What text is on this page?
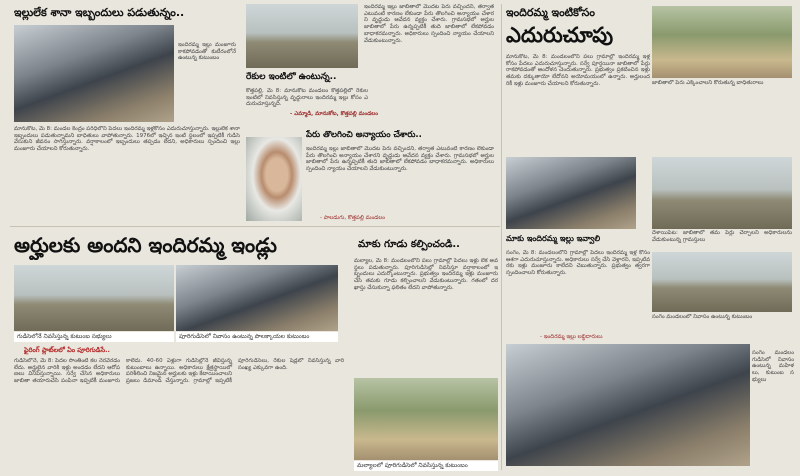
ఇల్లులేక శానా ఇబ్బందులు పడుతున్నం..
ఇందిరమ్మ ఇల్లు మంజూరు కాకపోవడంతో కుటీరంలోనే ఉంటున్న కుటుంబం
మానుకోట, మే 8: మండల కేంద్రం పరిధిలోని పేదలు ఇందిరమ్మ ఇళ్లకోసం ఎదురుచూస్తున్నారు. ఇల్లులేక శానా ఇబ్బందులు పడుతున్నామని బాధితులు వాపోతున్నారు. 1976లో ఇచ్చిన ఇంటి స్థలంలో ఇప్పటికీ గుడిసె వేసుకుని జీవనం సాగిస్తున్నారు. వర్షాకాలంలో ఇబ్బందులు తప్పడం లేదని, అధికారులు స్పందించి ఇల్లు మంజూరు చేయాలని కోరుతున్నారు.
రేకుల ఇంటిలో ఉంటున్న..
కొత్తపల్లి, మే 8: మానుకోట మండలం కొత్తపల్లిలో రేకుల ఇంటిలో నివసిస్తున్న వృద్ధురాలు ఇందిరమ్మ ఇల్లు కోసం ఎదురుచూస్తున్నది.
- ఎమ్మాడి, మానుకోట, కొత్తపల్లి మండలం
ఇందిరమ్మ ఇల్లు జాబితాలో మొదట పేరు వచ్చిందని, తర్వాత ఎటువంటి కారణం లేకుండా పేరు తొలగించి అన్యాయం చేశారని వృద్ధుడు ఆవేదన వ్యక్తం చేశారు. గ్రామసభలో అర్హుల జాబితాలో పేరు ఉన్నప్పటికీ తుది జాబితాలో లేకపోవడం బాధాకరమన్నారు. అధికారులు స్పందించి న్యాయం చేయాలని వేడుకుంటున్నారు.
పేరు తొలగించి అన్యాయం చేశారు..
ఇందిరమ్మ ఇల్లు జాబితాలో మొదట పేరు వచ్చిందని, తర్వాత ఎటువంటి కారణం లేకుండా పేరు తొలగించి అన్యాయం చేశారని వృద్ధుడు ఆవేదన వ్యక్తం చేశారు. గ్రామసభలో అర్హుల జాబితాలో పేరు ఉన్నప్పటికీ తుది జాబితాలో లేకపోవడం బాధాకరమన్నారు. అధికారులు స్పందించి న్యాయం చేయాలని వేడుకుంటున్నారు.
- పాలడుగు, కొత్తపల్లి మండలం
అర్హులకు అందని ఇందిరమ్మ ఇండ్లు	మాకు గూడు కల్పించండి..
గుడిసెలోనే నివసిస్తున్న కుటుంబ సభ్యులు	పూరిగుడిసెలో నివాసం ఉంటున్న పాలక్కాయల కుటుంబం
ఫైరింగ్ ప్లాట్‌లలో ఏం పూరిగుడిసే..
గుడిసెలోనే, మే 8: పేదల సొంతింటి కల నెరవేరడం లేదు. అర్హులైన వారికి ఇళ్లు అందడం లేదని ఆరోపణలు వినిపిస్తున్నాయి. సర్వే చేసిన అధికారులు జాబితా తయారుచేసి పంపినా ఇప్పటికీ మంజూరు కాలేదు. 40-60 ఏళ్లుగా గుడిసెల్లోనే జీవిస్తున్న కుటుంబాలు ఉన్నాయి. అధికారులు క్షేత్రస్థాయిలో పరిశీలించి నిజమైన అర్హులకు ఇళ్లు కేటాయించాలని ప్రజలు డిమాండ్ చేస్తున్నారు. గ్రామాల్లో ఇప్పటికీ పూరిగుడిసెలు, రేకుల షెడ్లలో నివసిస్తున్న వారి సంఖ్య ఎక్కువగా ఉంది.
మల్యాల, మే 8: మండలంలోని పలు గ్రామాల్లో పేదలు ఇళ్లు లేక అవస్థలు పడుతున్నారు. పూరిగుడిసెల్లో నివసిస్తూ వర్షాకాలంలో ఇబ్బందులు ఎదుర్కొంటున్నారు. ప్రభుత్వం ఇందిరమ్మ ఇళ్లు మంజూరు చేసి తమకు గూడు కల్పించాలని వేడుకుంటున్నారు. గతంలో దరఖాస్తు చేసుకున్నా ఫలితం లేదని వాపోతున్నారు.
మల్యాలలో పూరిగుడిసెలో నివసిస్తున్న కుటుంబం
ఇందిరమ్మ ఇంటికోసం
ఎదురుచూపు
మానుకోట, మే 8: మండలంలోని పలు గ్రామాల్లో ఇందిరమ్మ ఇళ్ల కోసం పేదలు ఎదురుచూస్తున్నారు. సర్వే పూర్తయినా జాబితాలో పేర్లు రాకపోవడంతో ఆందోళన చెందుతున్నారు. ప్రభుత్వం ప్రకటించిన ఇళ్లు తమకు దక్కుతాయో లేదోనని అయోమయంలో ఉన్నారు. అర్హులందరికీ ఇళ్లు మంజూరు చేయాలని కోరుతున్నారు.	జాబితాలో పేరు ఎక్కించాలని కోరుతున్న బాధితురాలు
దేశాయిపేట: జాబితాలో తమ పేర్లు చేర్చాలని అధికారులను వేడుకుంటున్న గ్రామస్తులు
మాకు ఇందిరమ్మ ఇల్లు ఇవ్వాలి
సంగెం, మే 8: మండలంలోని గ్రామాల్లో పేదలు ఇందిరమ్మ ఇళ్ల కోసం ఆశగా ఎదురుచూస్తున్నారు. అధికారులు సర్వే చేసి వెళ్లారని, ఇప్పటివరకు ఇళ్లు మంజూరు కాలేదని చెబుతున్నారు. ప్రభుత్వం త్వరగా స్పందించాలని కోరుతున్నారు.
- ఇందిరమ్మ ఇల్లు లబ్ధిదారులు
సంగెం మండలంలో నివాసం ఉంటున్న కుటుంబం
సంగెం మండలం గుడిసెలో నివాసం ఉంటున్న మహిళలు, కుటుంబ సభ్యులు
